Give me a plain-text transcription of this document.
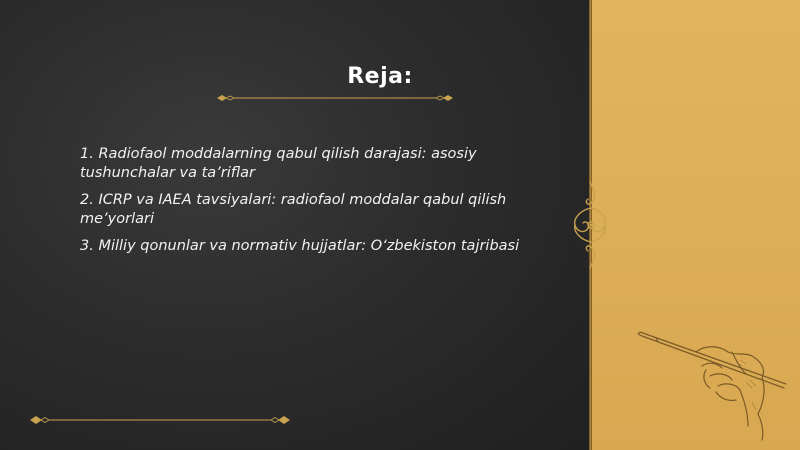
Reja:
1. Radiofaol moddalarning qabul qilish darajasi: asosiy tushunchalar va ta’riflar
2. ICRP va IAEA tavsiyalari: radiofaol moddalar qabul qilish me’yorlari
3. Milliy qonunlar va normativ hujjatlar: O‘zbekiston tajribasi
